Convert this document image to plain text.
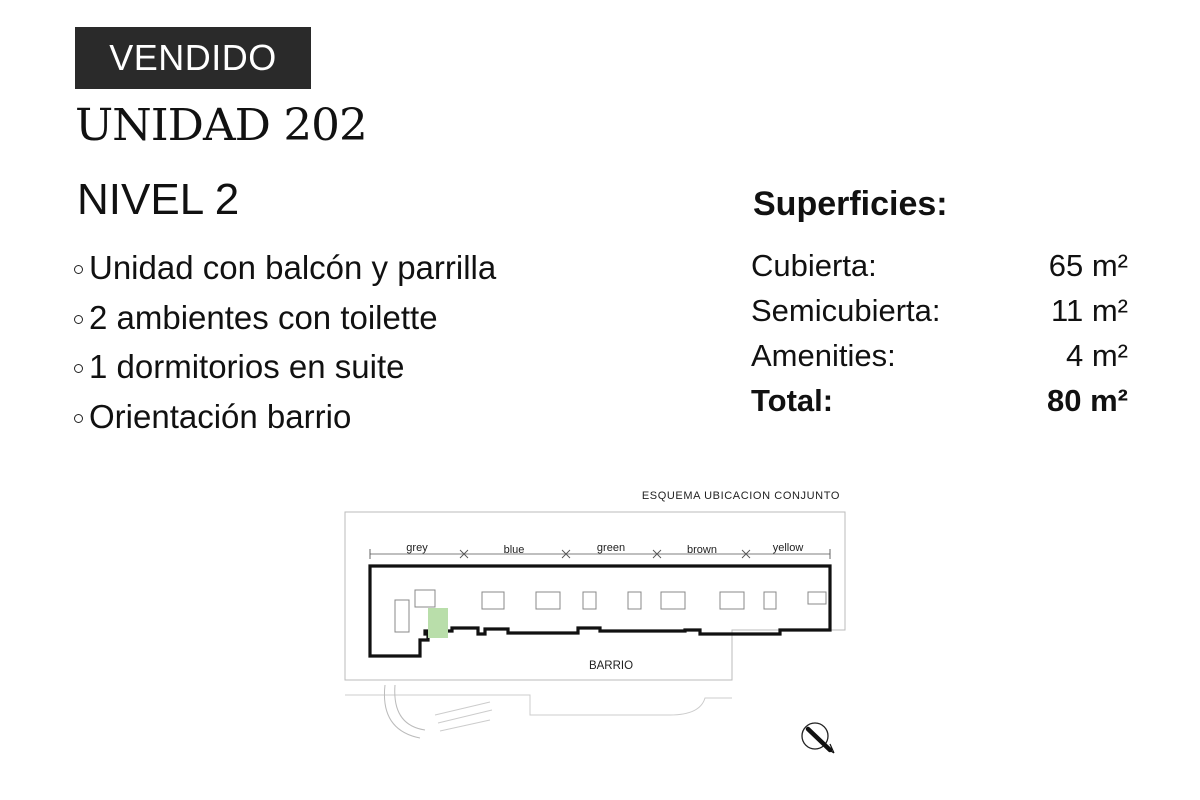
VENDIDO
UNIDAD 202
NIVEL 2
Unidad con balcón y parrilla
2 ambientes con toilette
1 dormitorios en suite
Orientación barrio
Superficies:
Cubierta:	65 m²
Semicubierta:	11 m²
Amenities:	4 m²
Total:	80 m²
ESQUEMA UBICACION CONJUNTO
grey	blue	green	brown	yellow
BARRIO
